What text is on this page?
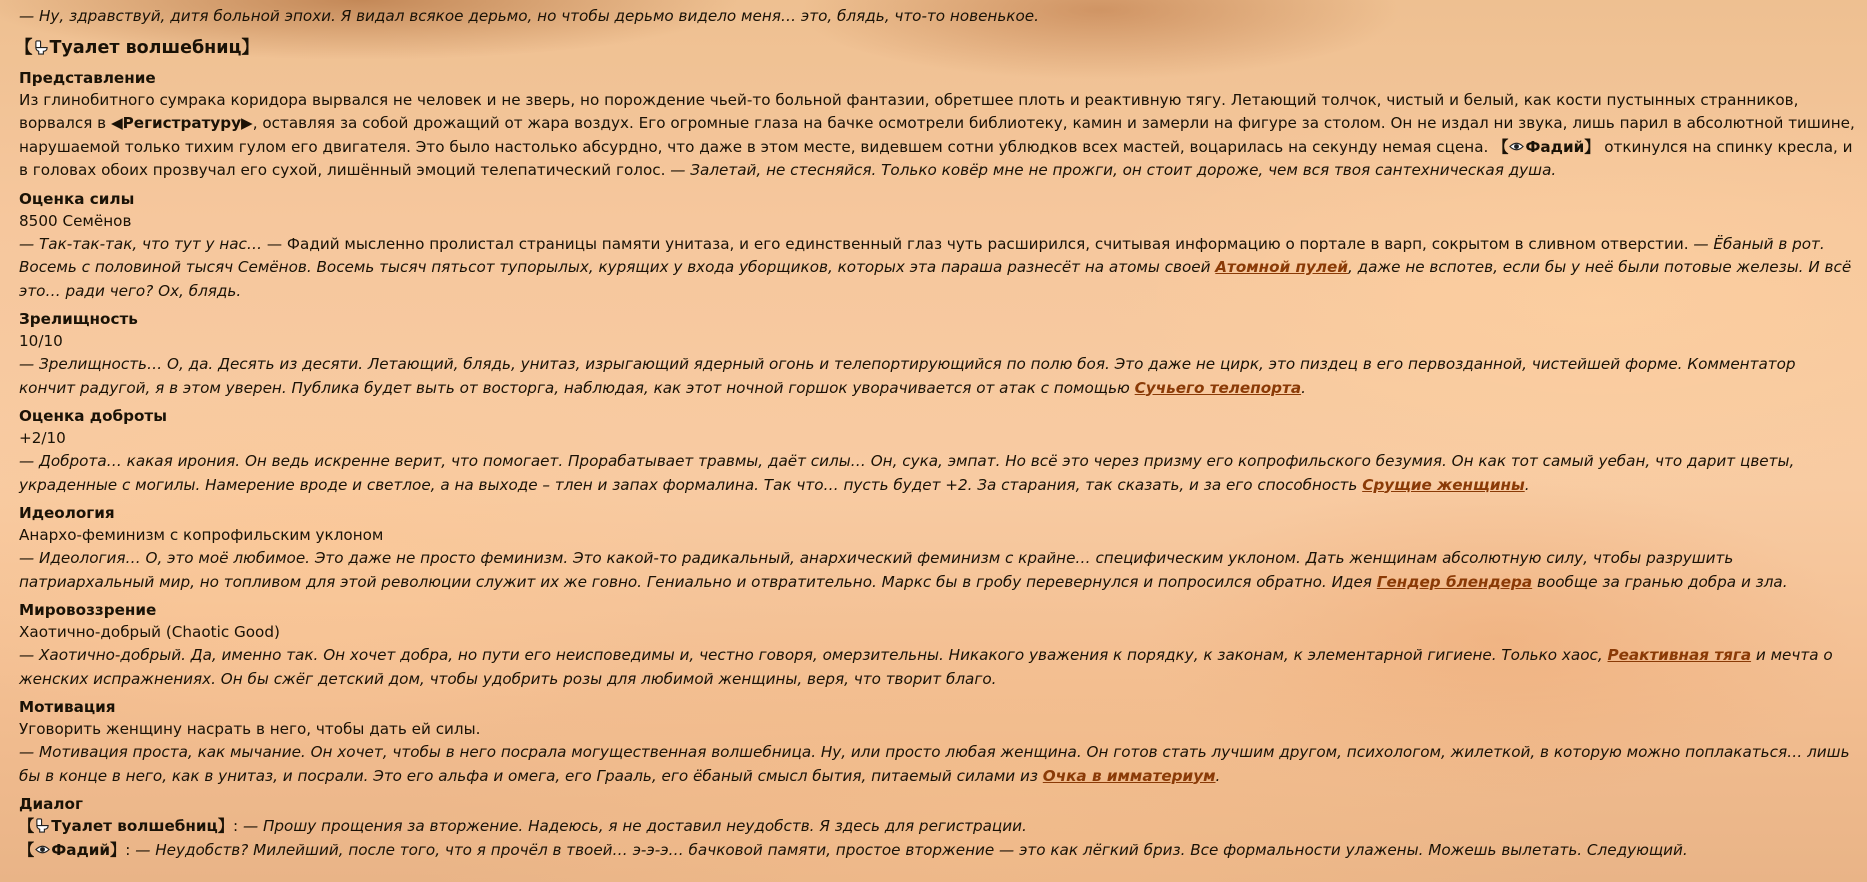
— Ну, здравствуй, дитя больной эпохи. Я видал всякое дерьмо, но чтобы дерьмо видело меня… это, блядь, что-то новенькое.
【 Туалет волшебниц】
Представление
Из глинобитного сумрака коридора вырвался не человек и не зверь, но порождение чьей-то больной фантазии, обретшее плоть и реактивную тягу. Летающий толчок, чистый и белый, как кости пустынных странников, ворвался в ◀Регистратуру▶, оставляя за собой дрожащий от жара воздух. Его огромные глаза на бачке осмотрели библиотеку, камин и замерли на фигуре за столом. Он не издал ни звука, лишь парил в абсолютной тишине, нарушаемой только тихим гулом его двигателя. Это было настолько абсурдно, что даже в этом месте, видевшем сотни ублюдков всех мастей, воцарилась на секунду немая сцена. 【 Фадий】 откинулся на спинку кресла, и в головах обоих прозвучал его сухой, лишённый эмоций телепатический голос. — Залетай, не стесняйся. Только ковёр мне не прожги, он стоит дороже, чем вся твоя сантехническая душа.
Оценка силы
8500 Семёнов
— Так-так-так, что тут у нас… — Фадий мысленно пролистал страницы памяти унитаза, и его единственный глаз чуть расширился, считывая информацию о портале в варп, сокрытом в сливном отверстии. — Ёбаный в рот. Восемь с половиной тысяч Семёнов. Восемь тысяч пятьсот тупорылых, курящих у входа уборщиков, которых эта параша разнесёт на атомы своей Атомной пулей, даже не вспотев, если бы у неё были потовые железы. И всё это… ради чего? Ох, блядь.
Зрелищность
10/10
— Зрелищность… О, да. Десять из десяти. Летающий, блядь, унитаз, изрыгающий ядерный огонь и телепортирующийся по полю боя. Это даже не цирк, это пиздец в его первозданной, чистейшей форме. Комментатор кончит радугой, я в этом уверен. Публика будет выть от восторга, наблюдая, как этот ночной горшок уворачивается от атак с помощью Сучьего телепорта.
Оценка доброты
+2/10
— Доброта… какая ирония. Он ведь искренне верит, что помогает. Прорабатывает травмы, даёт силы… Он, сука, эмпат. Но всё это через призму его копрофильского безумия. Он как тот самый уебан, что дарит цветы, украденные с могилы. Намерение вроде и светлое, а на выходе – тлен и запах формалина. Так что… пусть будет +2. За старания, так сказать, и за его способность Срущие женщины.
Идеология
Анархо-феминизм с копрофильским уклоном
— Идеология… О, это моё любимое. Это даже не просто феминизм. Это какой-то радикальный, анархический феминизм с крайне… специфическим уклоном. Дать женщинам абсолютную силу, чтобы разрушить патриархальный мир, но топливом для этой революции служит их же говно. Гениально и отвратительно. Маркс бы в гробу перевернулся и попросился обратно. Идея Гендер блендера вообще за гранью добра и зла.
Мировоззрение
Хаотично-добрый (Chaotic Good)
— Хаотично-добрый. Да, именно так. Он хочет добра, но пути его неисповедимы и, честно говоря, омерзительны. Никакого уважения к порядку, к законам, к элементарной гигиене. Только хаос, Реактивная тяга и мечта о женских испражнениях. Он бы сжёг детский дом, чтобы удобрить розы для любимой женщины, веря, что творит благо.
Мотивация
Уговорить женщину насрать в него, чтобы дать ей силы.
— Мотивация проста, как мычание. Он хочет, чтобы в него посрала могущественная волшебница. Ну, или просто любая женщина. Он готов стать лучшим другом, психологом, жилеткой, в которую можно поплакаться… лишь бы в конце в него, как в унитаз, и посрали. Это его альфа и омега, его Грааль, его ёбаный смысл бытия, питаемый силами из Очка в имматериум.
Диалог
【 Туалет волшебниц】: — Прошу прощения за вторжение. Надеюсь, я не доставил неудобств. Я здесь для регистрации.
【 Фадий】: — Неудобств? Милейший, после того, что я прочёл в твоей… э-э-э… бачковой памяти, простое вторжение — это как лёгкий бриз. Все формальности улажены. Можешь вылетать. Следующий.
